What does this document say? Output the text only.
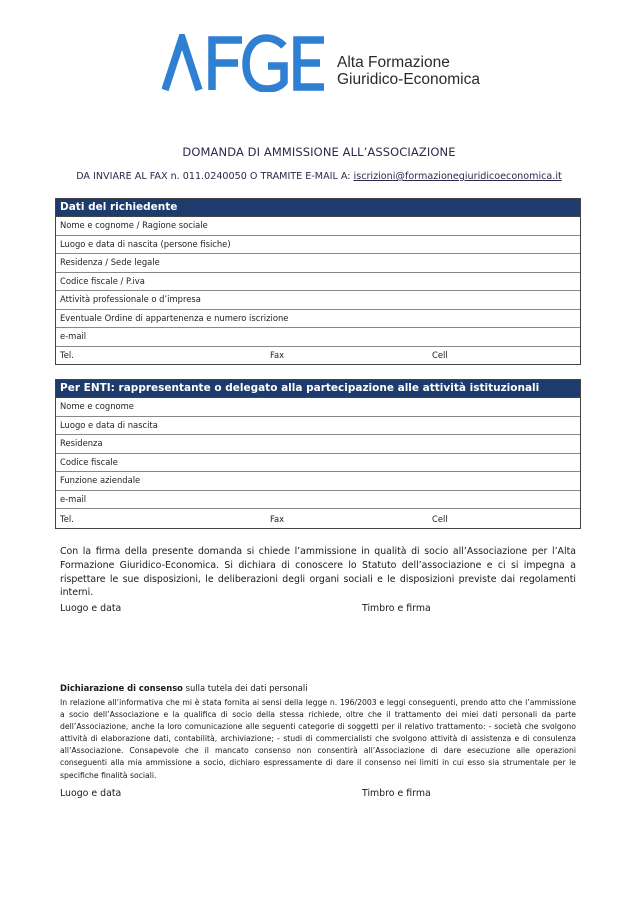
Alta Formazione
Giuridico-Economica
DOMANDA DI AMMISSIONE ALL’ASSOCIAZIONE
DA INVIARE AL FAX n. 011.0240050 O TRAMITE E-MAIL A: iscrizioni@formazionegiuridicoeconomica.it
Dati del richiedente
Nome e cognome / Ragione sociale
Luogo e data di nascita (persone fisiche)
Residenza / Sede legale
Codice fiscale / P.iva
Attività professionale o d’impresa
Eventuale Ordine di appartenenza e numero iscrizione
e-mail
Tel.	Fax	Cell
Per ENTI: rappresentante o delegato alla partecipazione alle attività istituzionali
Nome e cognome
Luogo e data di nascita
Residenza
Codice fiscale
Funzione aziendale
e-mail
Tel.	Fax	Cell
Con la firma della presente domanda si chiede l’ammissione in qualità di socio all’Associazione per l’Alta Formazione Giuridico-Economica. Si dichiara di conoscere lo Statuto dell’associazione e ci si impegna a rispettare le sue disposizioni, le deliberazioni degli organi sociali e le disposizioni previste dai regolamenti interni.
Luogo e data	Timbro e firma
Dichiarazione di consenso sulla tutela dei dati personali
In relazione all’informativa che mi è stata fornita ai sensi della legge n. 196/2003 e leggi conseguenti, prendo atto che l’ammissione a socio dell’Associazione e la qualifica di socio della stessa richiede, oltre che il trattamento dei miei dati personali da parte dell’Associazione, anche la loro comunicazione alle seguenti categorie di soggetti per il relativo trattamento: - società che svolgono attività di elaborazione dati, contabilità, archiviazione; - studi di commercialisti che svolgono attività di assistenza e di consulenza all’Associazione. Consapevole che il mancato consenso non consentirà all’Associazione di dare esecuzione alle operazioni conseguenti alla mia ammissione a socio, dichiaro espressamente di dare il consenso nei limiti in cui esso sia strumentale per le specifiche finalità sociali.
Luogo e data	Timbro e firma
